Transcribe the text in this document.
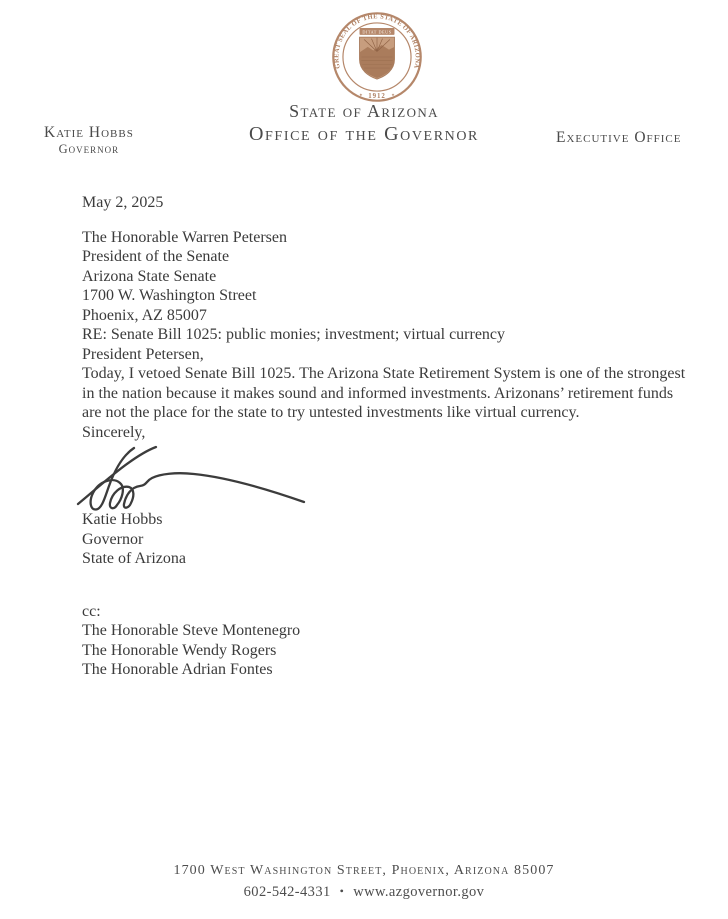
GREAT SEAL OF THE STATE OF ARIZONA
1912
✦	✦
DITAT DEUS
State of Arizona
Office of the Governor
Katie Hobbs
Governor
Executive Office

May 2, 2025

The Honorable Warren Petersen

President of the Senate

Arizona State Senate

1700 W. Washington Street

Phoenix, AZ 85007

RE: Senate Bill 1025: public monies; investment; virtual currency

President Petersen,

Today, I vetoed Senate Bill 1025. The Arizona State Retirement System is one of the strongest in the nation because it makes sound and informed investments. Arizonans’ retirement funds are not the place for the state to try untested investments like virtual currency.

Sincerely,

Katie Hobbs

Governor

State of Arizona

cc:

The Honorable Steve Montenegro

The Honorable Wendy Rogers

The Honorable Adrian Fontes

1700 West Washington Street, Phoenix, Arizona 85007
602-542-4331 • www.azgovernor.gov
